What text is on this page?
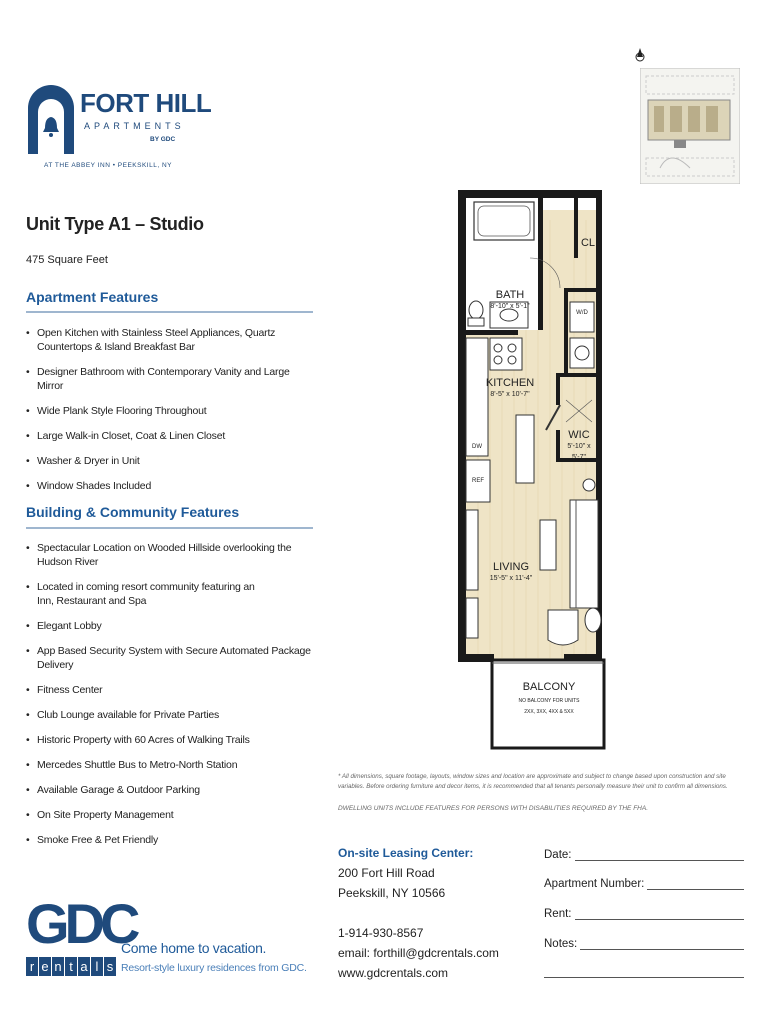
FORT HILL
APARTMENTS
BY GDC
AT THE ABBEY INN • PEEKSKILL, NY
Unit Type A1 – Studio
475 Square Feet
Apartment Features
• Open Kitchen with Stainless Steel Appliances, Quartz Countertops & Island Breakfast Bar
• Designer Bathroom with Contemporary Vanity and Large Mirror
• Wide Plank Style Flooring Throughout
• Large Walk-in Closet, Coat & Linen Closet
• Washer & Dryer in Unit
• Window Shades Included
Building & Community Features
• Spectacular Location on Wooded Hillside overlooking the Hudson River
• Located in coming resort community featuring an Inn, Restaurant and Spa
• Elegant Lobby
• App Based Security System with Secure Automated Package Delivery
• Fitness Center
• Club Lounge available for Private Parties
• Historic Property with 60 Acres of Walking Trails
• Mercedes Shuttle Bus to Metro-North Station
• Available Garage & Outdoor Parking
• On Site Property Management
• Smoke Free & Pet Friendly
BATH
8'-10" x 5'-1"
CL
KITCHEN
8'-5" x 10'-7"
WIC
5'-10" x 5'-7"
LIVING
15'-5" x 11'-4"
REF
DW
W/D
BALCONY
NO BALCONY FOR UNITS
2XX, 3XX, 4XX & 5XX
* All dimensions, square footage, layouts, window sizes and location are approximate and subject to change based upon construction and site variables. Before ordering furniture and decor items, it is recommended that all tenants personally measure their unit to confirm all dimensions.
DWELLING UNITS INCLUDE FEATURES FOR PERSONS WITH DISABILITIES REQUIRED BY THE FHA.
On-site Leasing Center:
200 Fort Hill Road
Peekskill, NY 10566
1-914-930-8567
email: forthill@gdcrentals.com
www.gdcrentals.com
Date:
Apartment Number:
Rent:
Notes:
GDC
r e n t a l s
Come home to vacation.
Resort-style luxury residences from GDC.
